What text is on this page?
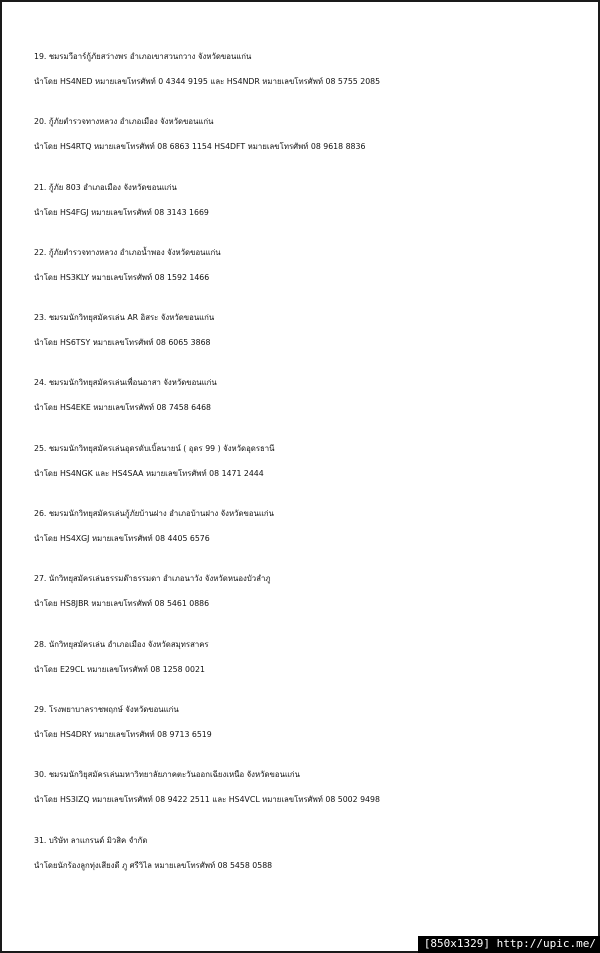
19. ชมรมวีอาร์กู้ภัยสว่างพร อำเภอเขาสวนกวาง จังหวัดขอนแก่น
นำโดย HS4NED หมายเลขโทรศัพท์ 0 4344 9195 และ HS4NDR หมายเลขโทรศัพท์ 08 5755 2085
20. กู้ภัยตำรวจทางหลวง อำเภอเมือง จังหวัดขอนแก่น
นำโดย HS4RTQ หมายเลขโทรศัพท์ 08 6863 1154 HS4DFT หมายเลขโทรศัพท์ 08 9618 8836
21. กู้ภัย 803 อำเภอเมือง จังหวัดขอนแก่น
นำโดย HS4FGJ หมายเลขโทรศัพท์ 08 3143 1669
22. กู้ภัยตำรวจทางหลวง อำเภอน้ำพอง จังหวัดขอนแก่น
นำโดย HS3KLY หมายเลขโทรศัพท์ 08 1592 1466
23. ชมรมนักวิทยุสมัครเล่น AR อิสระ จังหวัดขอนแก่น
นำโดย HS6TSY หมายเลขโทรศัพท์ 08 6065 3868
24. ชมรมนักวิทยุสมัครเล่นเพื่อนอาสา จังหวัดขอนแก่น
นำโดย HS4EKE หมายเลขโทรศัพท์ 08 7458 6468
25. ชมรมนักวิทยุสมัครเล่นอุดรดับเบิ้ลนายน์ ( อุดร 99 ) จังหวัดอุดรธานี
นำโดย HS4NGK และ HS4SAA หมายเลขโทรศัพท์ 08 1471 2444
26. ชมรมนักวิทยุสมัครเล่นกู้ภัยบ้านฝาง อำเภอบ้านฝาง จังหวัดขอนแก่น
นำโดย HS4XGJ หมายเลขโทรศัพท์ 08 4405 6576
27. นักวิทยุสมัครเล่นธรรมด๊าธรรมดา อำเภอนาวัง จังหวัดหนองบัวลำภู
นำโดย HS8JBR หมายเลขโทรศัพท์ 08 5461 0886
28. นักวิทยุสมัครเล่น อำเภอเมือง จังหวัดสมุทรสาคร
นำโดย E29CL หมายเลขโทรศัพท์ 08 1258 0021
29. โรงพยาบาลราชพฤกษ์ จังหวัดขอนแก่น
นำโดย HS4DRY หมายเลขโทรศัพท์ 08 9713 6519
30. ชมรมนักวิยุสมัครเล่นมหาวิทยาลัยภาคตะวันออกเฉียงเหนือ จังหวัดขอนแก่น
นำโดย HS3IZQ หมายเลขโทรศัพท์ 08 9422 2511 และ HS4VCL หมายเลขโทรศัพท์ 08 5002 9498
31. บริษัท ลาแกรนด์ มิวสิค จำกัด
นำโดยนักร้องลูกทุ่งเสียงดี ภู ศรีวิไล หมายเลขโทรศัพท์ 08 5458 0588
[850x1329] http://upic.me/
